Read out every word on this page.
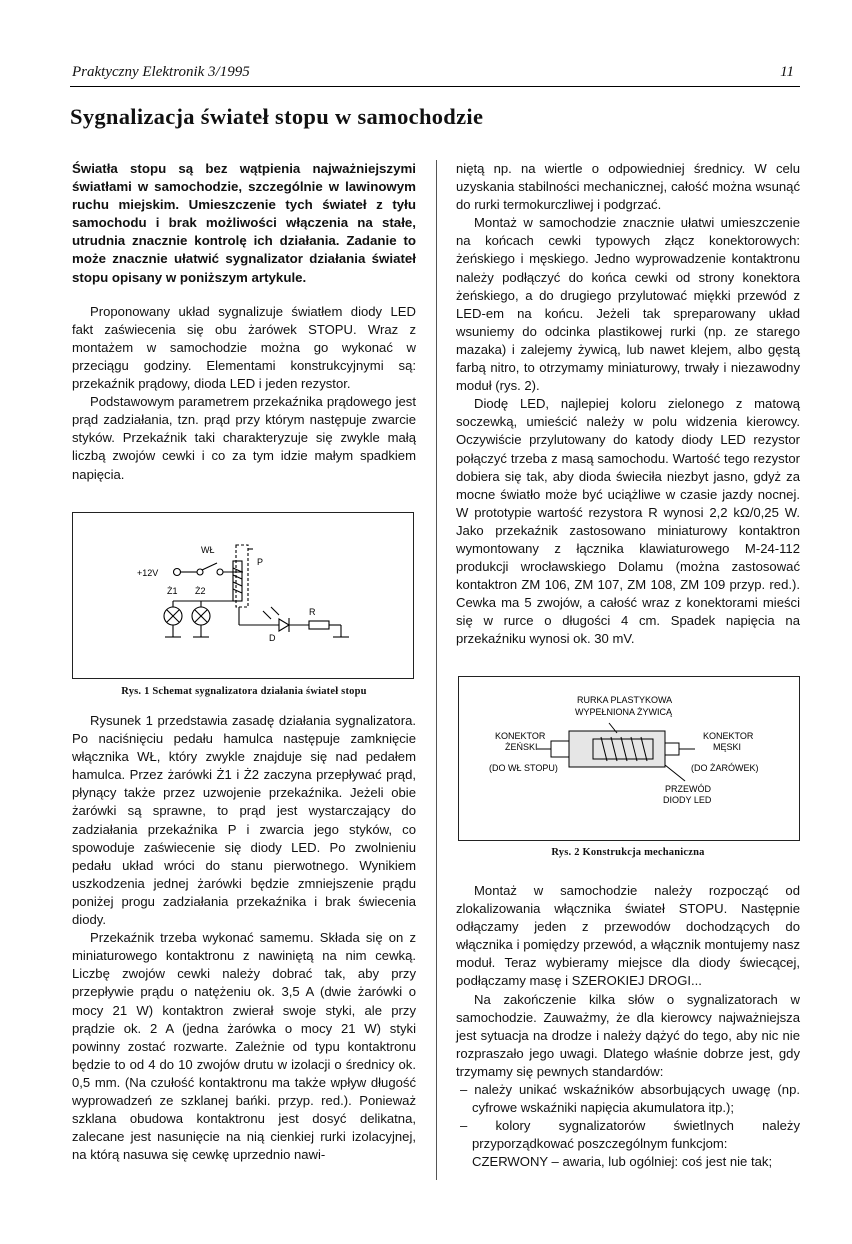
Praktyczny Elektronik 3/1995	11
Sygnalizacja świateł stopu w samochodzie

Światła stopu są bez wątpienia najważniejszymi światłami w samochodzie, szczególnie w lawinowym ruchu miejskim. Umieszczenie tych świateł z tyłu samochodu i brak możliwości włączenia na stałe, utrudnia znacznie kontrolę ich działania. Zadanie to może znacznie ułatwić sygnalizator działania świateł stopu opisany w poniższym artykule.

Proponowany układ sygnalizuje światłem diody LED fakt zaświecenia się obu żarówek STOPU. Wraz z montażem w samochodzie można go wykonać w przeciągu godziny. Elementami konstrukcyjnymi są: przekaźnik prądowy, dioda LED i jeden rezystor.

Podstawowym parametrem przekaźnika prądowego jest prąd zadziałania, tzn. prąd przy którym następuje zwarcie styków. Przekaźnik taki charakteryzuje się zwykle małą liczbą zwojów cewki i co za tym idzie małym spadkiem napięcia.

+12V
WŁ
P
Ż1 Ż2
R
D
Rys. 1 Schemat sygnalizatora działania świateł stopu

Rysunek 1 przedstawia zasadę działania sygnalizatora. Po naciśnięciu pedału hamulca następuje zamknięcie włącznika WŁ, który zwykle znajduje się nad pedałem hamulca. Przez żarówki Ż1 i Ż2 zaczyna przepływać prąd, płynący także przez uzwojenie przekaźnika. Jeżeli obie żarówki są sprawne, to prąd jest wystarczający do zadziałania przekaźnika P i zwarcia jego styków, co spowoduje zaświecenie się diody LED. Po zwolnieniu pedału układ wróci do stanu pierwotnego. Wynikiem uszkodzenia jednej żarówki będzie zmniejszenie prądu poniżej progu zadziałania przekaźnika i brak świecenia diody.

Przekaźnik trzeba wykonać samemu. Składa się on z miniaturowego kontaktronu z nawiniętą na nim cewką. Liczbę zwojów cewki należy dobrać tak, aby przy przepływie prądu o natężeniu ok. 3,5 A (dwie żarówki o mocy 21 W) kontaktron zwierał swoje styki, ale przy prądzie ok. 2 A (jedna żarówka o mocy 21 W) styki powinny zostać rozwarte. Zależnie od typu kontaktronu będzie to od 4 do 10 zwojów drutu w izolacji o średnicy ok. 0,5 mm. (Na czułość kontaktronu ma także wpływ długość wyprowadzeń ze szklanej bańki. przyp. red.). Ponieważ szklana obudowa kontaktronu jest dosyć delikatna, zalecane jest nasunięcie na nią cienkiej rurki izolacyjnej, na którą nasuwa się cewkę uprzednio nawi-

niętą np. na wiertle o odpowiedniej średnicy. W celu uzyskania stabilności mechanicznej, całość można wsunąć do rurki termokurczliwej i podgrzać.

Montaż w samochodzie znacznie ułatwi umieszczenie na końcach cewki typowych złącz konektorowych: żeńskiego i męskiego. Jedno wyprowadzenie kontaktronu należy podłączyć do końca cewki od strony konektora żeńskiego, a do drugiego przylutować miękki przewód z LED-em na końcu. Jeżeli tak spreparowany układ wsuniemy do odcinka plastikowej rurki (np. ze starego mazaka) i zalejemy żywicą, lub nawet klejem, albo gęstą farbą nitro, to otrzymamy miniaturowy, trwały i niezawodny moduł (rys. 2).

Diodę LED, najlepiej koloru zielonego z matową soczewką, umieścić należy w polu widzenia kierowcy. Oczywiście przylutowany do katody diody LED rezystor połączyć trzeba z masą samochodu. Wartość tego rezystor dobiera się tak, aby dioda świeciła niezbyt jasno, gdyż za mocne światło może być uciążliwe w czasie jazdy nocnej. W prototypie wartość rezystora R wynosi 2,2 kΩ/0,25 W. Jako przekaźnik zastosowano miniaturowy kontaktron wymontowany z łącznika klawiaturowego M-24-112 produkcji wrocławskiego Dolamu (można zastosować kontaktron ZM 106, ZM 107, ZM 108, ZM 109 przyp. red.). Cewka ma 5 zwojów, a całość wraz z konektorami mieści się w rurce o długości 4 cm. Spadek napięcia na przekaźniku wynosi ok. 30 mV.

RURKA PLASTYKOWA
WYPEŁNIONA ŻYWICĄ
KONEKTOR
ŻEŃSKI
(DO WŁ STOPU)
KONEKTOR
MĘSKI
(DO ŻARÓWEK)
PRZEWÓD
DIODY LED
Rys. 2 Konstrukcja mechaniczna

Montaż w samochodzie należy rozpocząć od zlokalizowania włącznika świateł STOPU. Następnie odłączamy jeden z przewodów dochodzących do włącznika i pomiędzy przewód, a włącznik montujemy nasz moduł. Teraz wybieramy miejsce dla diody świecącej, podłączamy masę i SZEROKIEJ DROGI...

Na zakończenie kilka słów o sygnalizatorach w samochodzie. Zauważmy, że dla kierowcy najważniejsza jest sytuacja na drodze i należy dążyć do tego, aby nic nie rozpraszało jego uwagi. Dlatego właśnie dobrze jest, gdy trzymamy się pewnych standardów:

– należy unikać wskaźników absorbujących uwagę (np. cyfrowe wskaźniki napięcia akumulatora itp.);
– kolory sygnalizatorów świetlnych należy przyporządkować poszczególnym funkcjom:
CZERWONY – awaria, lub ogólniej: coś jest nie tak;
